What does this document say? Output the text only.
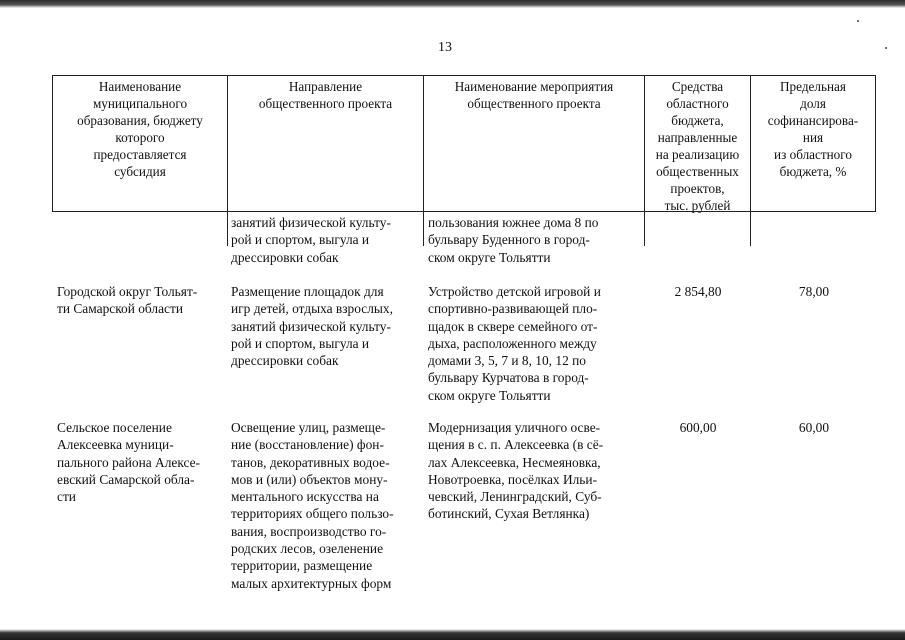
13
Наименование
муниципального
образования, бюджету
которого
предоставляется
субсидия
Направление
общественного проекта
Наименование мероприятия
общественного проекта
Средства
областного
бюджета,
направленные
на реализацию
общественных
проектов,
тыс. рублей
Предельная
доля
софинансирова-
ния
из областного
бюджета, %
занятий физической культу-
рой и спортом, выгула и
дрессировки собак
пользования южнее дома 8 по
бульвару Буденного в город-
ском округе Тольятти
Городской округ Тольят-
ти Самарской области
Размещение площадок для
игр детей, отдыха взрослых,
занятий физической культу-
рой и спортом, выгула и
дрессировки собак
Устройство детской игровой и
спортивно-развивающей пло-
щадок в сквере семейного от-
дыха, расположенного между
домами 3, 5, 7 и 8, 10, 12 по
бульвару Курчатова в город-
ском округе Тольятти
2 854,80	78,00
Сельское поселение
Алексеевка муници-
пального района Алексе-
евский Самарской обла-
сти
Освещение улиц, размеще-
ние (восстановление) фон-
танов, декоративных водое-
мов и (или) объектов мону-
ментального искусства на
территориях общего пользо-
вания, воспроизводство го-
родских лесов, озеленение
территории, размещение
малых архитектурных форм
Модернизация уличного осве-
щения в с. п. Алексеевка (в сё-
лах Алексеевка, Несмеяновка,
Новотроевка, посёлках Ильи-
чевский, Ленинградский, Суб-
ботинский, Сухая Ветлянка)
600,00	60,00
